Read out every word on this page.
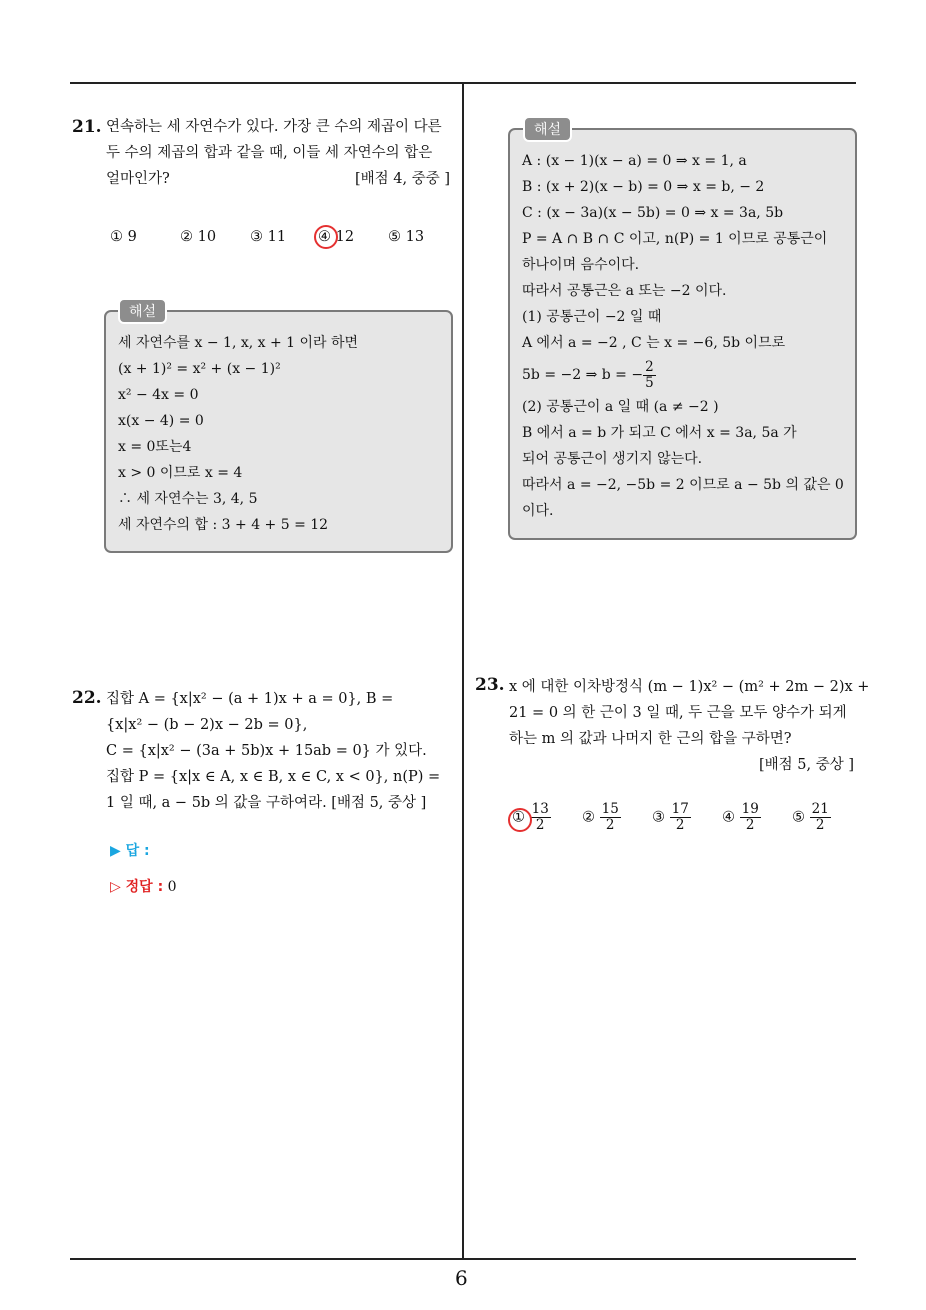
21. 연속하는 세 자연수가 있다. 가장 큰 수의 제곱이 다른
두 수의 제곱의 합과 같을 때, 이들 세 자연수의 합은
얼마인가?	[배점 4, 중중 ]
① 9	② 10 ③ 11 ④ 12 ⑤ 13
세 자연수를 x − 1, x, x + 1 이라 하면
(x + 1)² = x² + (x − 1)²
x² − 4x = 0
x(x − 4) = 0
x = 0또는4
x > 0 이므로 x = 4
∴ 세 자연수는 3, 4, 5
세 자연수의 합 : 3 + 4 + 5 = 12
해설
A : (x − 1)(x − a) = 0 ⇒ x = 1, a
B : (x + 2)(x − b) = 0 ⇒ x = b, − 2
C : (x − 3a)(x − 5b) = 0 ⇒ x = 3a, 5b
P = A ∩ B ∩ C 이고, n(P) = 1 이므로 공통근이
하나이며 음수이다.
따라서 공통근은 a 또는 −2 이다.
(1) 공통근이 −2 일 때
A 에서 a = −2 , C 는 x = −6, 5b 이므로
5b = −2 ⇒ b = − $\frac{2}{5}$
(2) 공통근이 a 일 때 (a ≠ −2 )
B 에서 a = b 가 되고 C 에서 x = 3a, 5a 가
되어 공통근이 생기지 않는다.
따라서 a = −2, −5b = 2 이므로 a − 5b 의 값은 0
이다.
해설
22. 집합 A = {x|x² − (a + 1)x + a = 0}, B =
{x|x² − (b − 2)x − 2b = 0},
C = {x|x² − (3a + 5b)x + 15ab = 0} 가 있다.
집합 P = {x|x ∈ A, x ∈ B, x ∈ C, x < 0}, n(P) =
1 일 때, a − 5b 의 값을 구하여라. [배점 5, 중상 ]
▶ 답 :
▷ 정답 : 0
23. x 에 대한 이차방정식 (m − 1)x² − (m² + 2m − 2)x +
21 = 0 의 한 근이 3 일 때, 두 근을 모두 양수가 되게
하는 m 의 값과 나머지 한 근의 합을 구하면?
[배점 5, 중상 ]
① $\frac{13}{2}$ ② $\frac{15}{2}$ ③ $\frac{17}{2}$ ④ $\frac{19}{2}$ ⑤ $\frac{21}{2}$
6
